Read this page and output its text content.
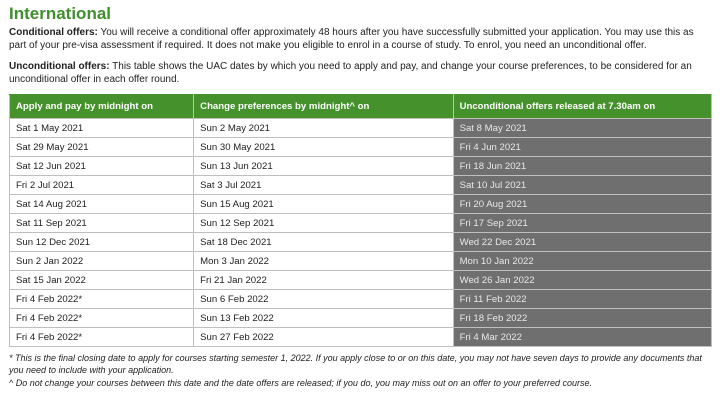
International
Conditional offers: You will receive a conditional offer approximately 48 hours after you have successfully submitted your application. You may use this as part of your pre-visa assessment if required. It does not make you eligible to enrol in a course of study. To enrol, you need an unconditional offer.
Unconditional offers: This table shows the UAC dates by which you need to apply and pay, and change your course preferences, to be considered for an unconditional offer in each offer round.
Apply and pay by midnight on	Change preferences by midnight^ on	Unconditional offers released at 7.30am on
Sat 1 May 2021	Sun 2 May 2021	Sat 8 May 2021
Sat 29 May 2021	Sun 30 May 2021	Fri 4 Jun 2021
Sat 12 Jun 2021	Sun 13 Jun 2021	Fri 18 Jun 2021
Fri 2 Jul 2021	Sat 3 Jul 2021	Sat 10 Jul 2021
Sat 14 Aug 2021	Sun 15 Aug 2021	Fri 20 Aug 2021
Sat 11 Sep 2021	Sun 12 Sep 2021	Fri 17 Sep 2021
Sun 12 Dec 2021	Sat 18 Dec 2021	Wed 22 Dec 2021
Sun 2 Jan 2022	Mon 3 Jan 2022	Mon 10 Jan 2022
Sat 15 Jan 2022	Fri 21 Jan 2022	Wed 26 Jan 2022
Fri 4 Feb 2022*	Sun 6 Feb 2022	Fri 11 Feb 2022
Fri 4 Feb 2022*	Sun 13 Feb 2022	Fri 18 Feb 2022
Fri 4 Feb 2022*	Sun 27 Feb 2022	Fri 4 Mar 2022
* This is the final closing date to apply for courses starting semester 1, 2022. If you apply close to or on this date, you may not have seven days to provide any documents that you need to include with your application.
^ Do not change your courses between this date and the date offers are released; if you do, you may miss out on an offer to your preferred course.
